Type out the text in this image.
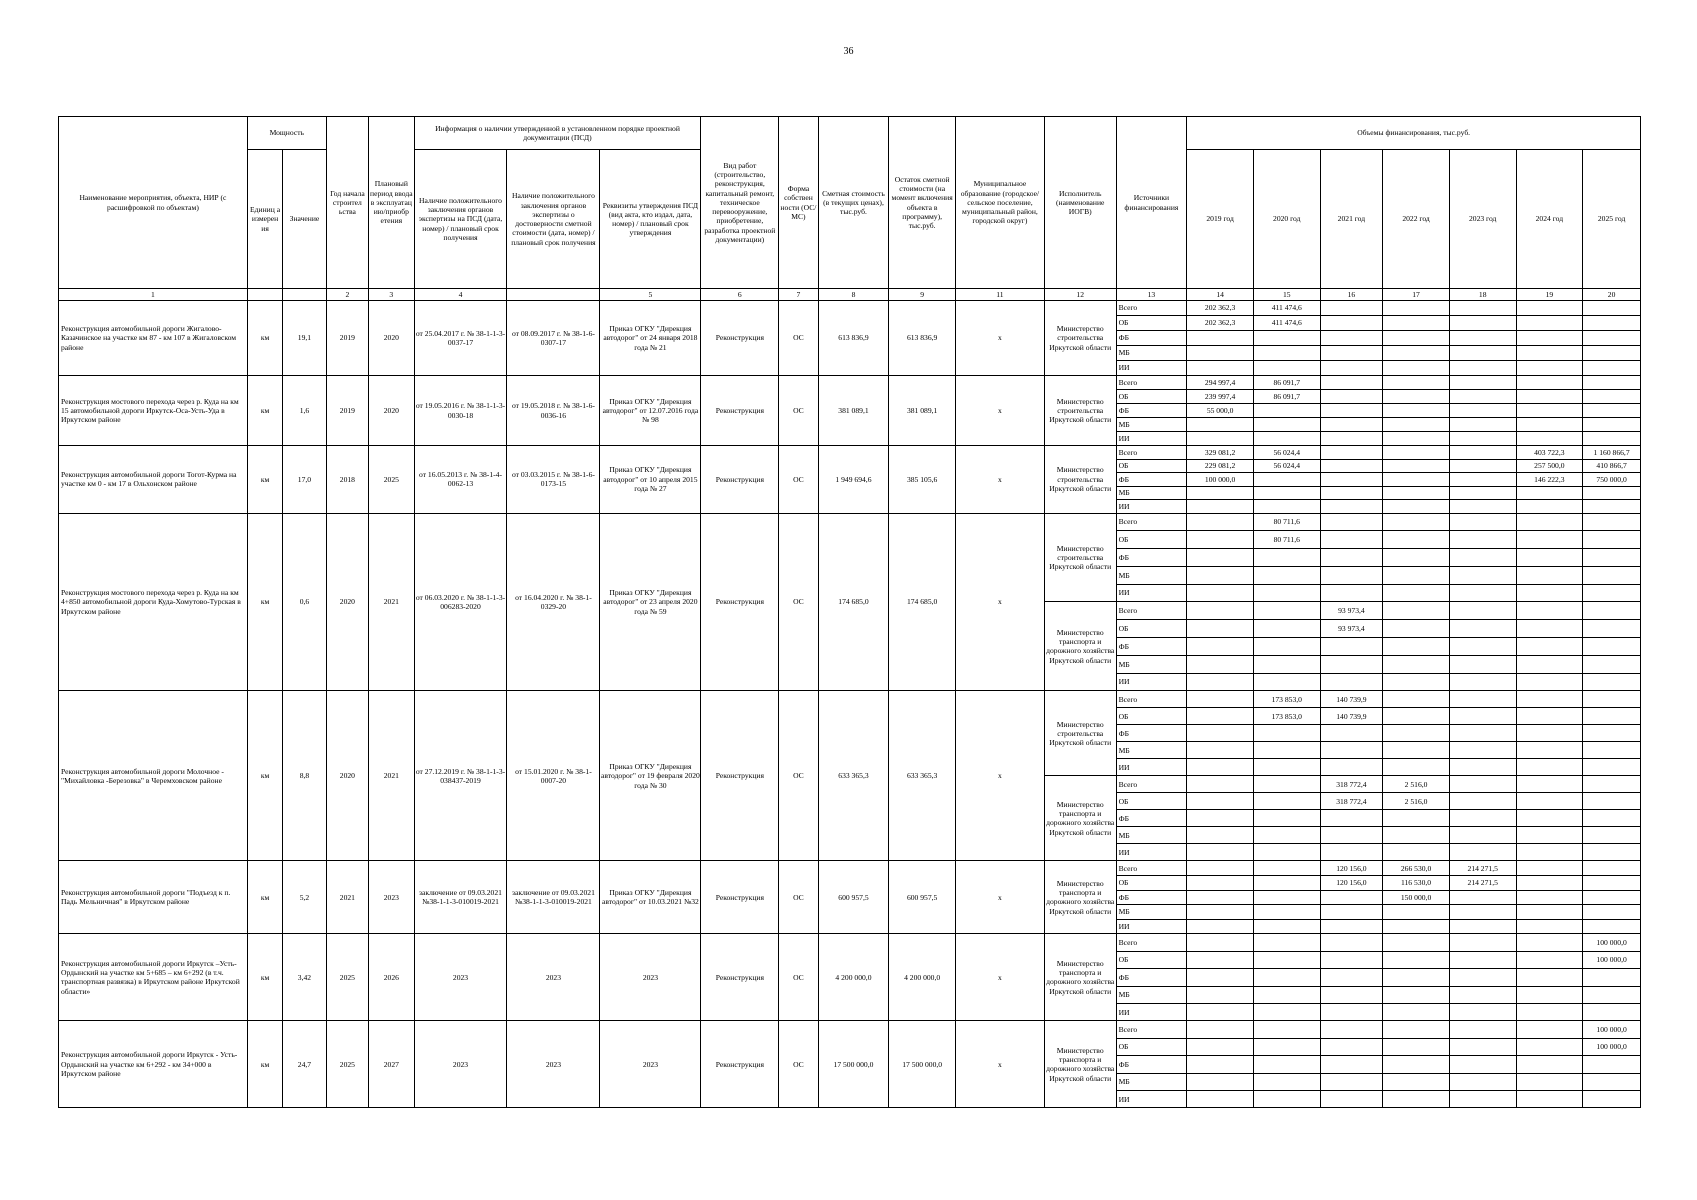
36
Наименование мероприятия, объекта, НИР (с расшифровкой по объектам)	Мощность		Год начала строител ьства	Плановый период ввода в эксплуатац ию/приобр етения	Информация о наличии утвержденной в установленном порядке проектной документации (ПСД)			Вид работ (строительство, реконструкция, капитальный ремонт, техническое перевооружение, приобретение, разработка проектной документации)	Форма собствен ности (ОС/ МС)	Сметная стоимость (в текущих ценах), тыс.руб.	Остаток сметной стоимости (на момент включения объекта в программу), тыс.руб.	Муниципальное образование (городское/сельское поселение, муниципальный район, городской округ)	Исполнитель (наименование ИОГВ)	Источники финансирования	Объемы финансирования, тыс.руб.						
	Единиц а измерен ия	Значение			Наличие положительного заключения органов экспертизы на ПСД (дата, номер) / плановый срок получения	Наличие положительного заключения органов экспертизы о достоверности сметной стоимости (дата, номер) / плановый срок получения	Реквизиты утверждения ПСД (вид акта, кто издал, дата, номер) / плановый срок утверждения								2019 год	2020 год	2021 год	2022 год	2023 год	2024 год	2025 год
1			2	3	4		5	6	7	8	9	11	12	13	14	15	16	17	18	19	20
Реконструкция автомобильной дороги Жигалово-Казачинское на участке км 87 - км 107 в Жигаловском районе	км	19,1	2019	2020	от 25.04.2017 г. № 38-1-1-3-0037-17	от 08.09.2017 г. № 38-1-6-0307-17	Приказ ОГКУ "Дирекция автодорог" от 24 января 2018 года № 21	Реконструкция	ОС	613 836,9	613 836,9	х	Министерство строительства Иркутской области	Всего	202 362,3	411 474,6					
														ОБ	202 362,3	411 474,6					
														ФБ							
														МБ							
														ИИ							
Реконструкция мостового перехода через р. Куда на км 15 автомобильной дороги Иркутск-Оса-Усть-Уда в Иркутском районе	км	1,6	2019	2020	от 19.05.2016 г. № 38-1-1-3-0030-18	от 19.05.2018 г. № 38-1-6-0036-16	Приказ ОГКУ "Дирекция автодорог" от 12.07.2016 года № 98	Реконструкция	ОС	381 089,1	381 089,1	х	Министерство строительства Иркутской области	Всего	294 997,4	86 091,7					
														ОБ	239 997,4	86 091,7					
														ФБ	55 000,0						
														МБ							
														ИИ							
Реконструкция автомобильной дороги Тогот-Курма на участке км 0 - км 17 в Ольхонском районе	км	17,0	2018	2025	от 16.05.2013 г. № 38-1-4-0062-13	от 03.03.2015 г. № 38-1-6-0173-15	Приказ ОГКУ "Дирекция автодорог" от 10 апреля 2015 года № 27	Реконструкция	ОС	1 949 694,6	385 105,6	х	Министерство строительства Иркутской области	Всего	329 081,2	56 024,4				403 722,3	1 160 866,7
														ОБ	229 081,2	56 024,4				257 500,0	410 866,7
														ФБ	100 000,0					146 222,3	750 000,0
														МБ							
														ИИ							
Реконструкция мостового перехода через р. Куда на км 4+850 автомобильной дороги Куда-Хомутово-Турская в Иркутском районе	км	0,6	2020	2021	от 06.03.2020 г. № 38-1-1-3-006283-2020	от 16.04.2020 г. № 38-1-0329-20	Приказ ОГКУ "Дирекция автодорог" от 23 апреля 2020 года № 59	Реконструкция	ОС	174 685,0	174 685,0	х	Министерство строительства Иркутской области	Всего		80 711,6					
														ОБ		80 711,6					
														ФБ							
														МБ							
														ИИ							
													Министерство транспорта и дорожного хозяйства Иркутской области	Всего			93 973,4				
														ОБ			93 973,4				
														ФБ							
														МБ							
														ИИ							
Реконструкция автомобильной дороги Молочное - "Михайловка -Березовка" в Черемховском районе	км	8,8	2020	2021	от 27.12.2019 г. № 38-1-1-3-038437-2019	от 15.01.2020 г. № 38-1-0007-20	Приказ ОГКУ "Дирекция автодорог" от 19 февраля 2020 года № 30	Реконструкция	ОС	633 365,3	633 365,3	х	Министерство строительства Иркутской области	Всего		173 853,0	140 739,9				
														ОБ		173 853,0	140 739,9				
														ФБ							
														МБ							
														ИИ							
													Министерство транспорта и дорожного хозяйства Иркутской области	Всего			318 772,4	2 516,0			
														ОБ			318 772,4	2 516,0			
														ФБ							
														МБ							
														ИИ							
Реконструкция автомобильной дороги "Подъезд к п. Падь Мельничная" в Иркутском районе	км	5,2	2021	2023	заключение от 09.03.2021 №38-1-1-3-010019-2021	заключение от 09.03.2021 №38-1-1-3-010019-2021	Приказ ОГКУ "Дирекция автодорог" от 10.03.2021 №32	Реконструкция	ОС	600 957,5	600 957,5	х	Министерство транспорта и дорожного хозяйства Иркутской области	Всего			120 156,0	266 530,0	214 271,5		
														ОБ			120 156,0	116 530,0	214 271,5		
														ФБ				150 000,0			
														МБ							
														ИИ							
Реконструкция автомобильной дороги Иркутск –Усть-Ордынский на участке км 5+685 – км 6+292 (в т.ч. транспортная развязка) в Иркутском районе Иркутской области»	км	3,42	2025	2026	2023	2023	2023	Реконструкция	ОС	4 200 000,0	4 200 000,0	х	Министерство транспорта и дорожного хозяйства Иркутской области	Всего							100 000,0
														ОБ							100 000,0
														ФБ							
														МБ							
														ИИ							
Реконструкция автомобильной дороги Иркутск - Усть-Ордынский на участке км 6+292 - км 34+000 в Иркутском районе	км	24,7	2025	2027	2023	2023	2023	Реконструкция	ОС	17 500 000,0	17 500 000,0	х	Министерство транспорта и дорожного хозяйства Иркутской области	Всего							100 000,0
														ОБ							100 000,0
														ФБ							
														МБ							
														ИИ							
